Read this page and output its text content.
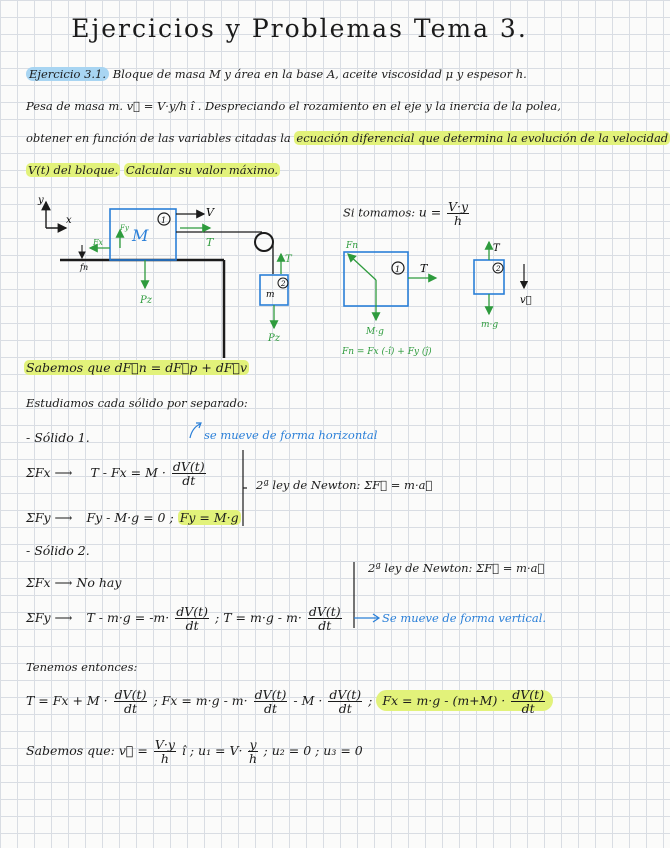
Ejercicios y Problemas Tema 3.
Ejercicio 3.1. Bloque de masa M y área en la base A, aceite viscosidad μ y espesor h.
Pesa de masa m. v⃗ = V·y/h î . Despreciando el rozamiento en el eje y la inercia de la polea,
obtener en función de las variables citadas la ecuación diferencial que determina la evolución de la velocidad
V(t) del bloque. Calcular su valor máximo.
y
x
M
1
V
T
Fx
Fy
fn
Pz	m
2
T
Pz
1
Fn
T
M·g
Fn = Fx (-î) + Fy (ĵ)
2
T
m·g
v⃗
Si tomamos: $u = \frac{V\cdot y}{h}$
Sabemos que dF⃗n = dF⃗p + dF⃗v
Estudiamos cada sólido por separado:
- Sólido 1.	se mueve de forma horizontal
ΣFx ⟶ $T - Fx = M \cdot \frac{dV(t)}{dt}$
ΣFy ⟶ Fy - M·g = 0 ; Fy = M·g
2ª ley de Newton: ΣF⃗ = m·a⃗
- Sólido 2.
2ª ley de Newton: ΣF⃗ = m·a⃗
ΣFx ⟶ No hay
ΣFy ⟶ $T - m\cdot g = -m\cdot \frac{dV(t)}{dt}$ ; $T = m\cdot g - m\cdot \frac{dV(t)}{dt}$	Se mueve de forma vertical.
Tenemos entonces:
$T = Fx + M \cdot \frac{dV(t)}{dt}$ ; $Fx = m\cdot g - m\cdot \frac{dV(t)}{dt} - M \cdot \frac{dV(t)}{dt}$ ; $Fx = m\cdot g - (m+M) \cdot \frac{dV(t)}{dt}$
Sabemos que: v⃗ = $\frac{V\cdot y}{h}$ î ; $u_1 = V\cdot \frac{y}{h}$ ; u₂ = 0 ; u₃ = 0
